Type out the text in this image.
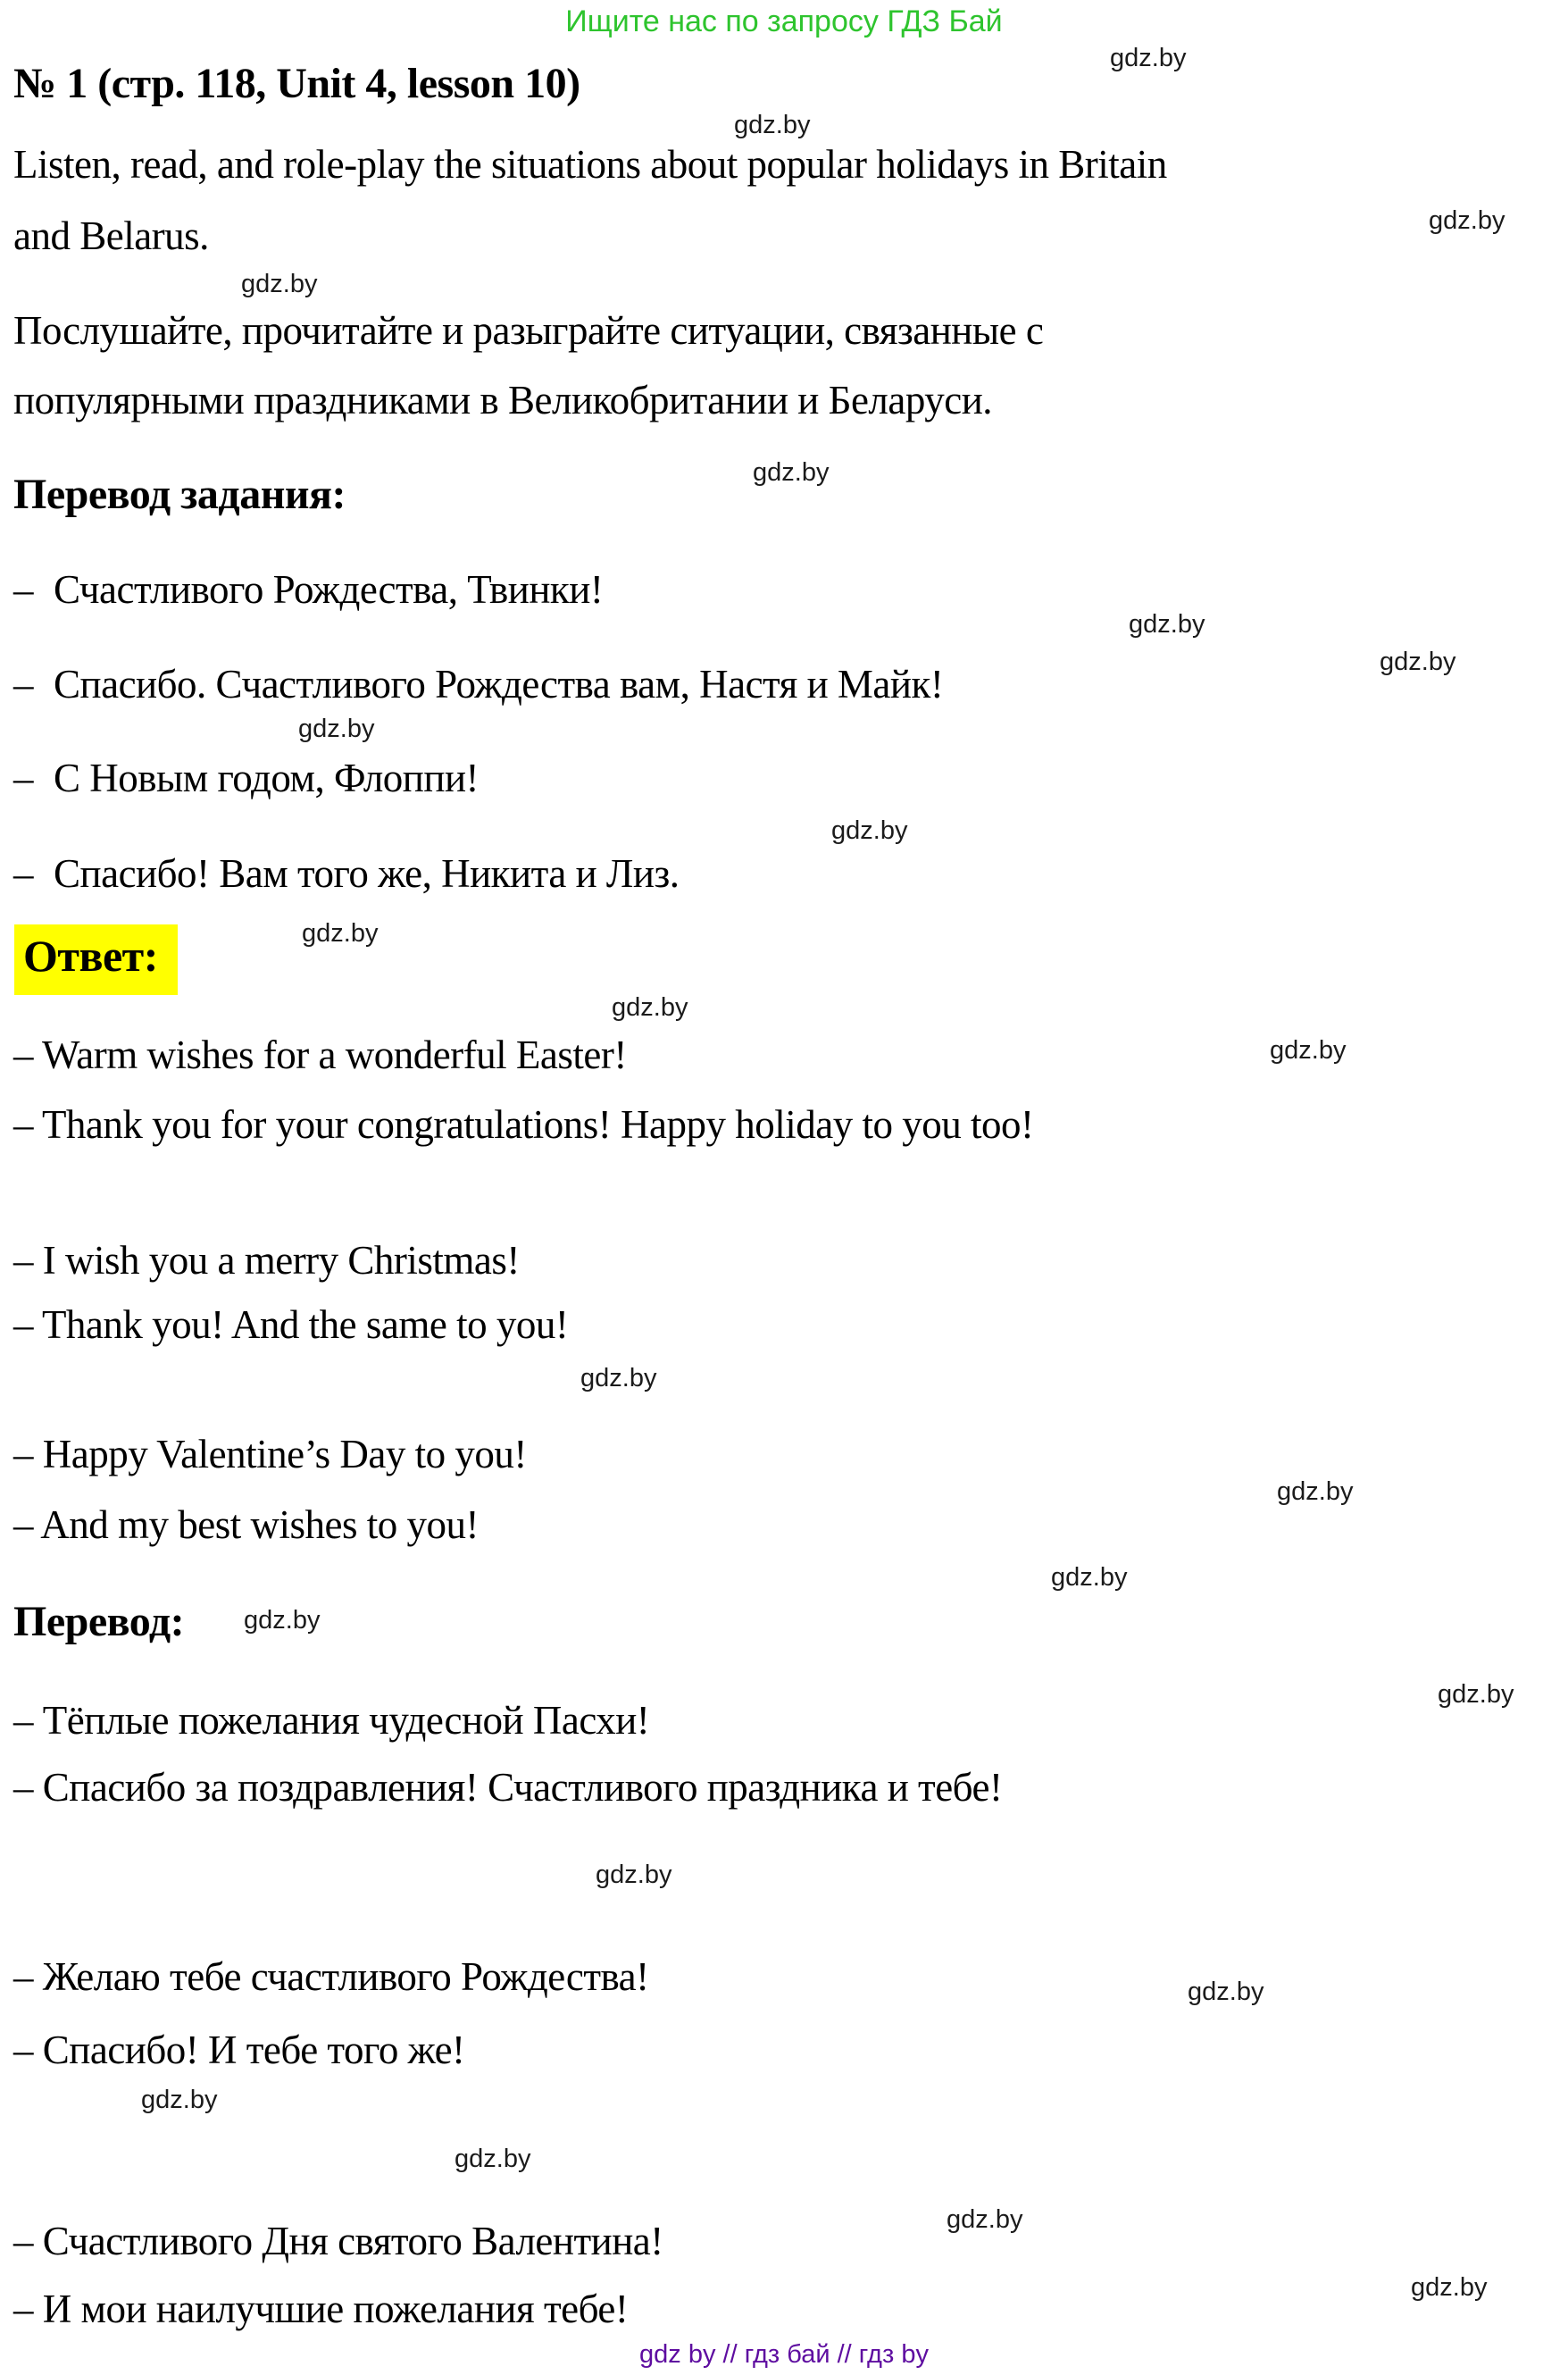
Ищите нас по запросу ГДЗ Бай
№ 1 (стр. 118, Unit 4, lesson 10)
Listen, read, and role-play the situations about popular holidays in Britain
and Belarus.
Послушайте, прочитайте и разыграйте ситуации, связанные с
популярными праздниками в Великобритании и Беларуси.
Перевод задания:
– Счастливого Рождества, Твинки!
– Спасибо. Счастливого Рождества вам, Настя и Майк!
– С Новым годом, Флоппи!
– Спасибо! Вам того же, Никита и Лиз.
Ответ:
– Warm wishes for a wonderful Easter!
– Thank you for your congratulations! Happy holiday to you too!
– I wish you a merry Christmas!
– Thank you! And the same to you!
– Happy Valentine’s Day to you!
– And my best wishes to you!
Перевод:
– Тёплые пожелания чудесной Пасхи!
– Спасибо за поздравления! Счастливого праздника и тебе!
– Желаю тебе счастливого Рождества!
– Спасибо! И тебе того же!
– Счастливого Дня святого Валентина!
– И мои наилучшие пожелания тебе!
gdz by // гдз бай // гдз by
gdz.by
gdz.by
gdz.by
gdz.by
gdz.by
gdz.by
gdz.by
gdz.by
gdz.by
gdz.by
gdz.by
gdz.by
gdz.by
gdz.by
gdz.by
gdz.by
gdz.by
gdz.by
gdz.by
gdz.by
gdz.by
gdz.by
gdz.by
